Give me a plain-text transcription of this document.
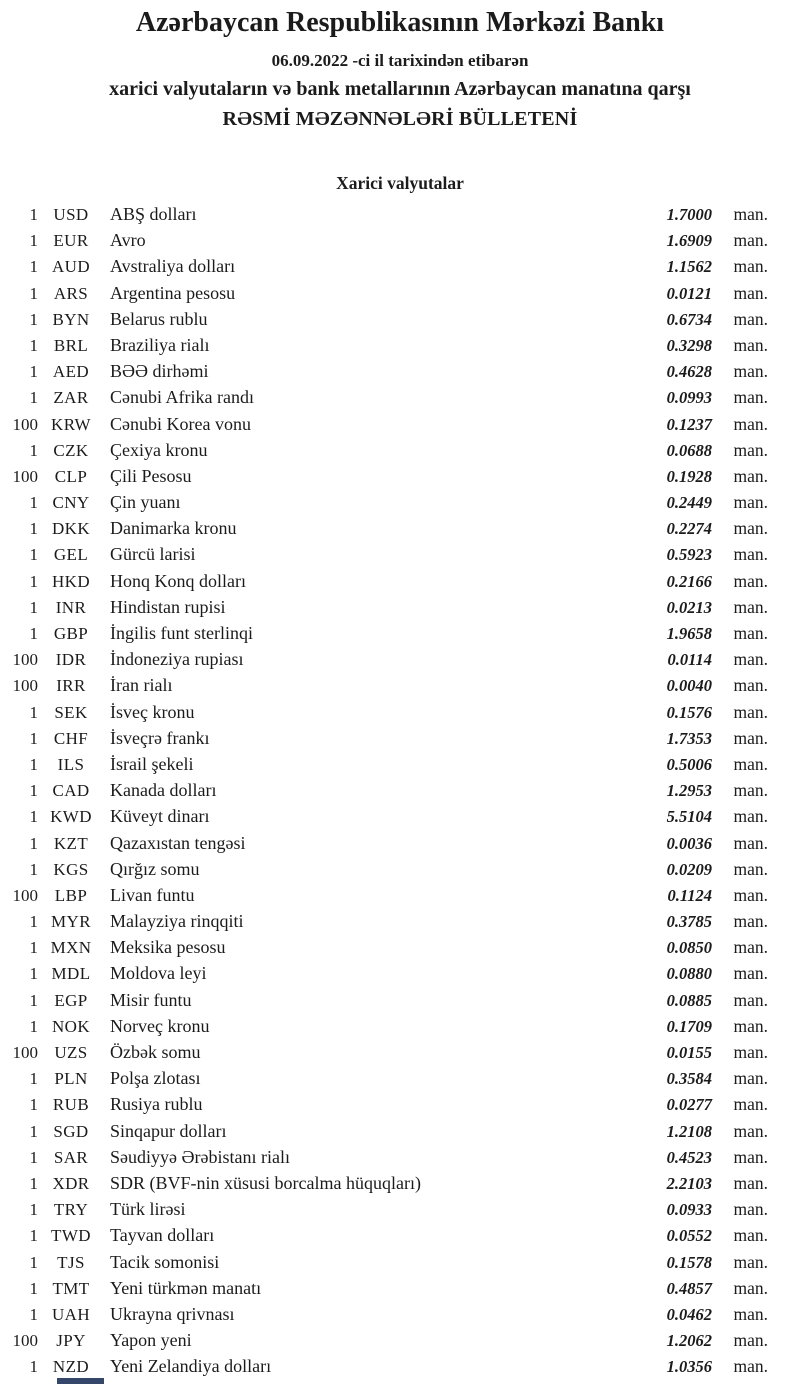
Azərbaycan Respublikasının Mərkəzi Bankı
06.09.2022 -ci il tarixindən etibarən
xarici valyutaların və bank metallarının Azərbaycan manatına qarşı
RƏSMİ MƏZƏNNƏLƏRİ BÜLLETENİ
Xarici valyutalar
1 USD	ABŞ dolları	1.7000	man.
1 EUR	Avro	1.6909	man.
1 AUD	Avstraliya dolları	1.1562	man.
1 ARS	Argentina pesosu	0.0121	man.
1 BYN	Belarus rublu	0.6734	man.
1 BRL	Braziliya rialı	0.3298	man.
1 AED	BƏƏ dirhəmi	0.4628	man.
1 ZAR	Cənubi Afrika randı	0.0993	man.
100 KRW	Cənubi Korea vonu	0.1237	man.
1 CZK	Çexiya kronu	0.0688	man.
100 CLP	Çili Pesosu	0.1928	man.
1 CNY	Çin yuanı	0.2449	man.
1 DKK	Danimarka kronu	0.2274	man.
1 GEL	Gürcü larisi	0.5923	man.
1 HKD	Honq Konq dolları	0.2166	man.
1	INR	Hindistan rupisi	0.0213	man.
1 GBP	İngilis funt sterlinqi	1.9658	man.
100	IDR	İndoneziya rupiası	0.0114	man.
100	IRR	İran rialı	0.0040	man.
1 SEK	İsveç kronu	0.1576	man.
1 CHF	İsveçrə frankı	1.7353	man.
1	ILS	İsrail şekeli	0.5006	man.
1 CAD	Kanada dolları	1.2953	man.
1 KWD	Küveyt dinarı	5.5104	man.
1 KZT	Qazaxıstan tengəsi	0.0036	man.
1 KGS	Qırğız somu	0.0209	man.
100 LBP	Livan funtu	0.1124	man.
1 MYR	Malayziya rinqqiti	0.3785	man.
1 MXN	Meksika pesosu	0.0850	man.
1 MDL	Moldova leyi	0.0880	man.
1 EGP	Misir funtu	0.0885	man.
1 NOK	Norveç kronu	0.1709	man.
100 UZS	Özbək somu	0.0155	man.
1 PLN	Polşa zlotası	0.3584	man.
1 RUB	Rusiya rublu	0.0277	man.
1 SGD	Sinqapur dolları	1.2108	man.
1 SAR	Səudiyyə Ərəbistanı rialı	0.4523	man.
1 XDR	SDR (BVF-nin xüsusi borcalma hüquqları)	2.2103	man.
1 TRY	Türk lirəsi	0.0933	man.
1 TWD	Tayvan dolları	0.0552	man.
1	TJS	Tacik somonisi	0.1578	man.
1 TMT	Yeni türkmən manatı	0.4857	man.
1 UAH	Ukrayna qrivnası	0.0462	man.
100	JPY	Yapon yeni	1.2062	man.
1 NZD	Yeni Zelandiya dolları	1.0356	man.
